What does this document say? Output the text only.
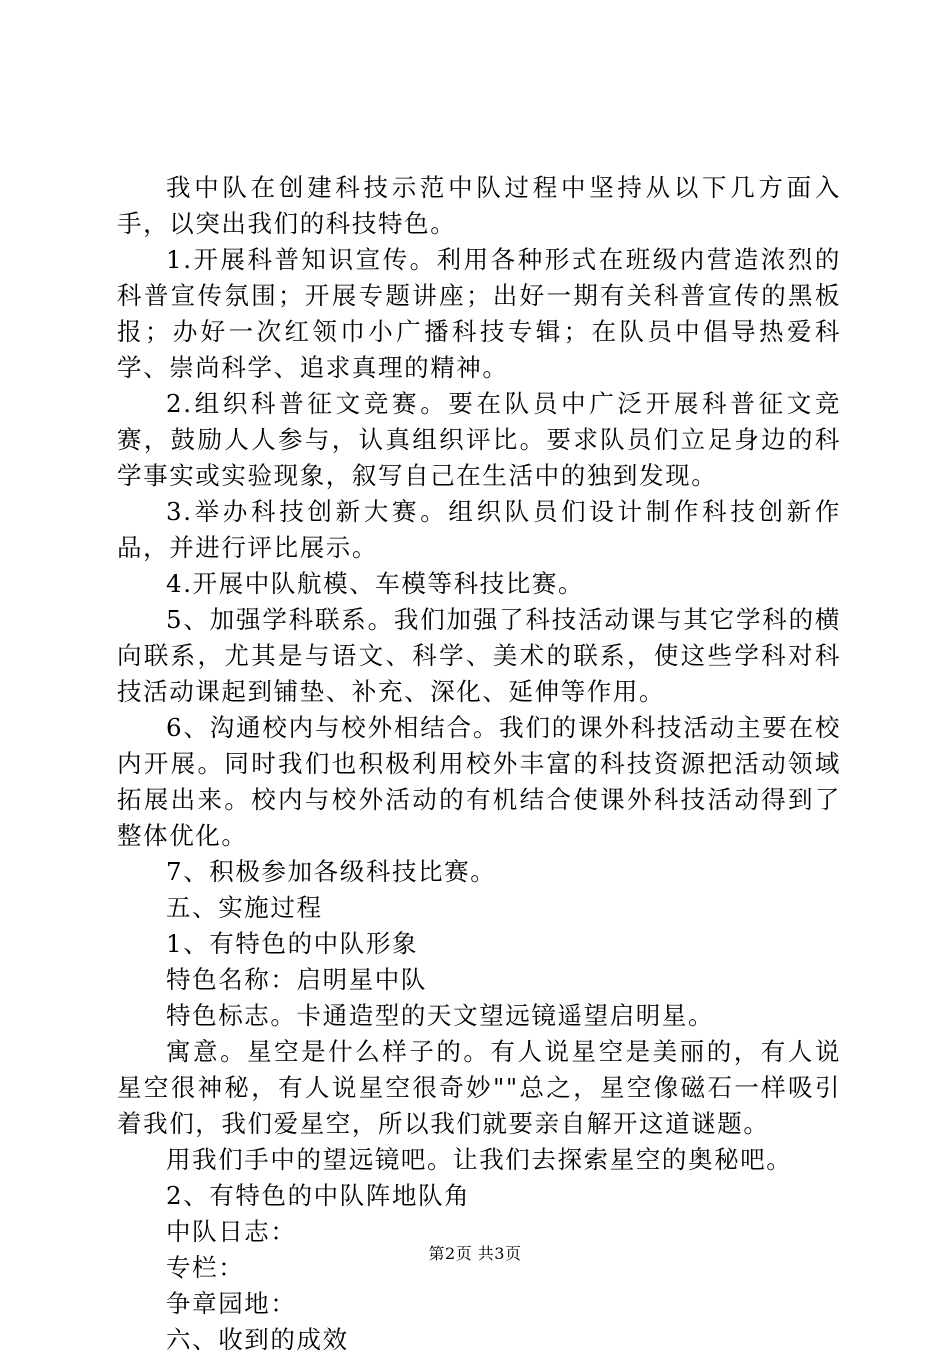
我中队在创建科技示范中队过程中坚持从以下几方面入手，以突出我们的科技特色。

1.开展科普知识宣传。利用各种形式在班级内营造浓烈的科普宣传氛围；开展专题讲座；出好一期有关科普宣传的黑板报；办好一次红领巾小广播科技专辑；在队员中倡导热爱科学、崇尚科学、追求真理的精神。

2.组织科普征文竞赛。要在队员中广泛开展科普征文竞赛，鼓励人人参与，认真组织评比。要求队员们立足身边的科学事实或实验现象，叙写自己在生活中的独到发现。

3.举办科技创新大赛。组织队员们设计制作科技创新作品，并进行评比展示。

4.开展中队航模、车模等科技比赛。

5、加强学科联系。我们加强了科技活动课与其它学科的横向联系，尤其是与语文、科学、美术的联系，使这些学科对科技活动课起到铺垫、补充、深化、延伸等作用。

6、沟通校内与校外相结合。我们的课外科技活动主要在校内开展。同时我们也积极利用校外丰富的科技资源把活动领域拓展出来。校内与校外活动的有机结合使课外科技活动得到了整体优化。

7、积极参加各级科技比赛。

五、实施过程

1、有特色的中队形象

特色名称：启明星中队

特色标志。卡通造型的天文望远镜遥望启明星。

寓意。星空是什么样子的。有人说星空是美丽的，有人说星空很神秘，有人说星空很奇妙""总之，星空像磁石一样吸引着我们，我们爱星空，所以我们就要亲自解开这道谜题。

用我们手中的望远镜吧。让我们去探索星空的奥秘吧。

2、有特色的中队阵地队角

中队日志：

专栏：

争章园地：

六、收到的成效

第2页 共3页
